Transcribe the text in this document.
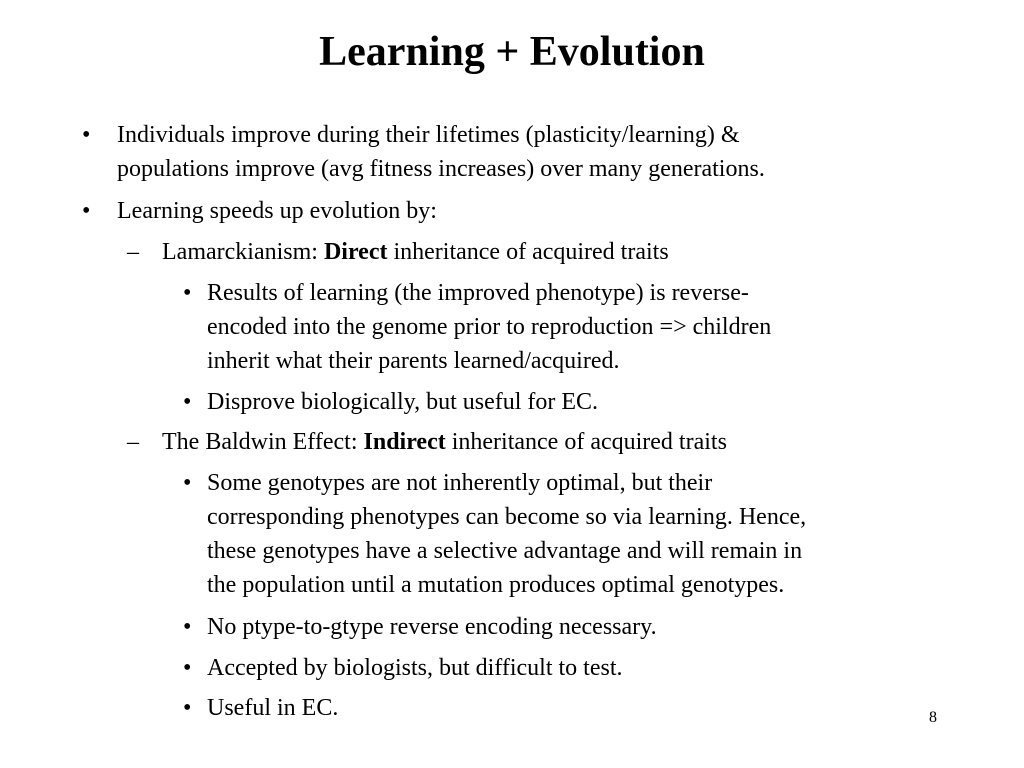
Learning + Evolution
• Individuals improve during their lifetimes (plasticity/learning) &
populations improve (avg fitness increases) over many generations.
• Learning speeds up evolution by:
– Lamarckianism: Direct inheritance of acquired traits
• Results of learning (the improved phenotype) is reverse-
encoded into the genome prior to reproduction => children
inherit what their parents learned/acquired.
• Disprove biologically, but useful for EC.
– The Baldwin Effect: Indirect inheritance of acquired traits
• Some genotypes are not inherently optimal, but their
corresponding phenotypes can become so via learning. Hence,
these genotypes have a selective advantage and will remain in
the population until a mutation produces optimal genotypes.
• No ptype-to-gtype reverse encoding necessary.
• Accepted by biologists, but difficult to test.
• Useful in EC.	8
